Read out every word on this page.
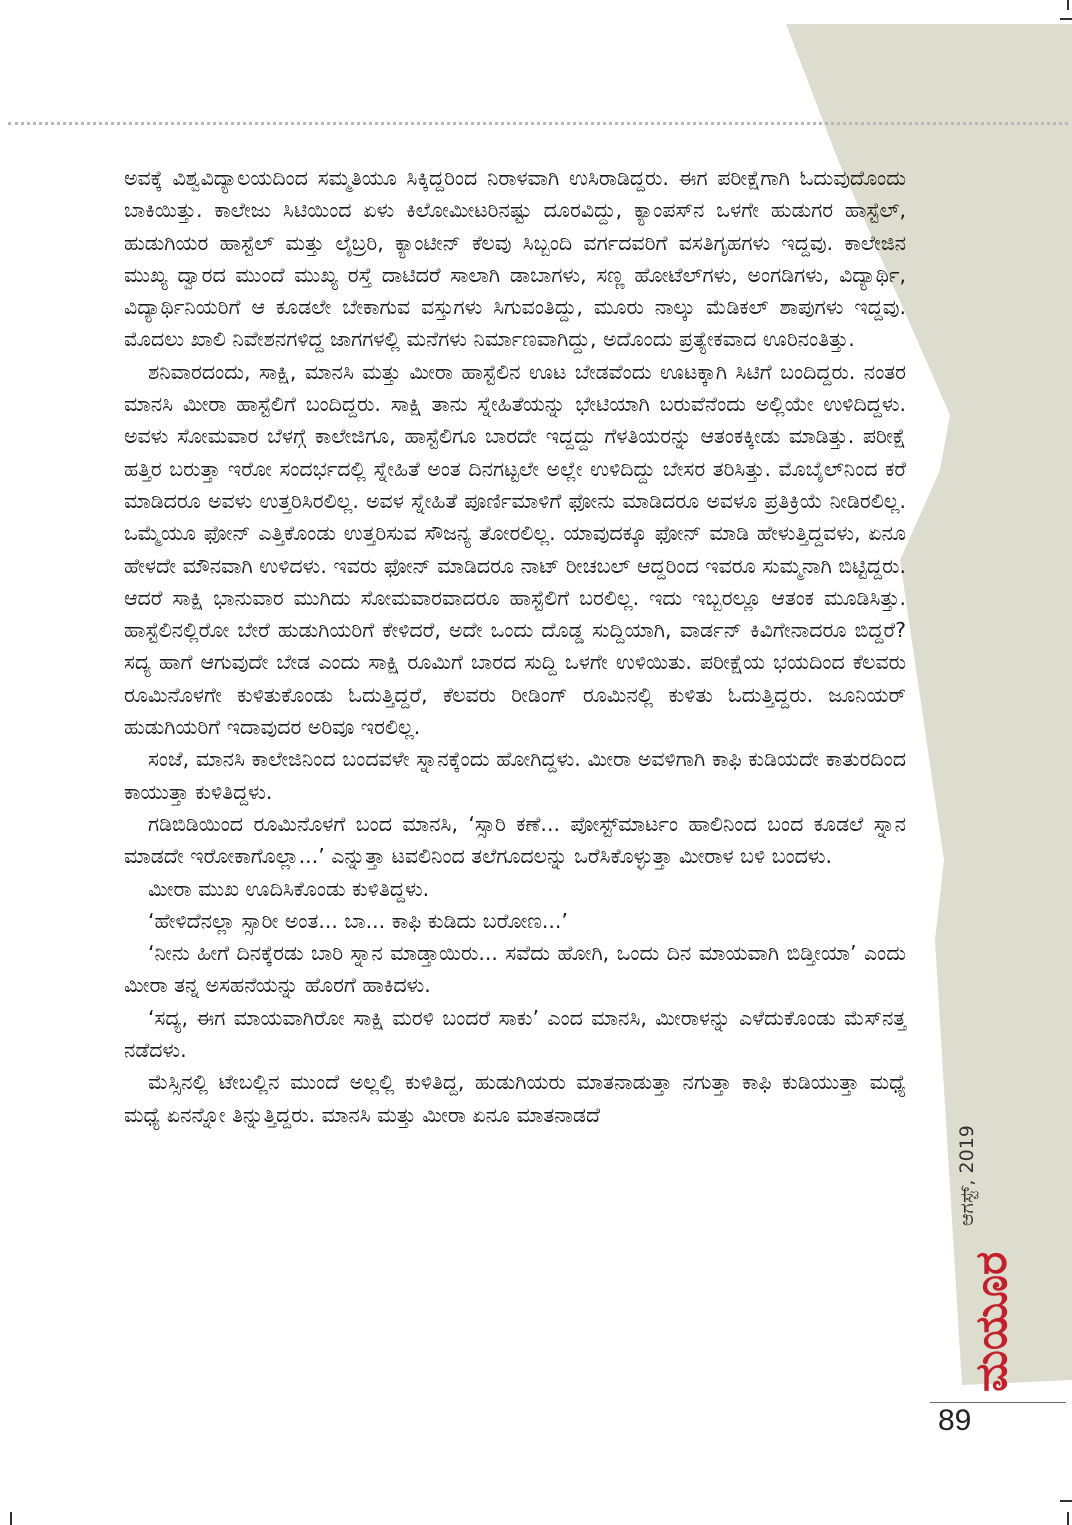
ಅವಕ್ಕೆ ವಿಶ್ವವಿದ್ಯಾಲಯದಿಂದ ಸಮ್ಮತಿಯೂ ಸಿಕ್ಕಿದ್ದರಿಂದ ನಿರಾಳವಾಗಿ ಉಸಿರಾಡಿದ್ದರು. ಈಗ ಪರೀಕ್ಷೆಗಾಗಿ ಓದುವುದೊಂದು ಬಾಕಿಯಿತ್ತು. ಕಾಲೇಜು ಸಿಟಿಯಿಂದ ಏಳು ಕಿಲೋಮೀಟರಿನಷ್ಟು ದೂರವಿದ್ದು, ಕ್ಯಾಂಪಸ್‌ನ ಒಳಗೇ ಹುಡುಗರ ಹಾಸ್ಟೆಲ್, ಹುಡುಗಿಯರ ಹಾಸ್ಟೆಲ್ ಮತ್ತು ಲೈಬ್ರರಿ, ಕ್ಯಾಂಟೀನ್ ಕೆಲವು ಸಿಬ್ಬಂದಿ ವರ್ಗದವರಿಗೆ ವಸತಿಗೃಹಗಳು ಇದ್ದವು. ಕಾಲೇಜಿನ ಮುಖ್ಯ ದ್ವಾರದ ಮುಂದೆ ಮುಖ್ಯ ರಸ್ತೆ ದಾಟಿದರೆ ಸಾಲಾಗಿ ಡಾಬಾಗಳು, ಸಣ್ಣ ಹೋಟೆಲ್‌ಗಳು, ಅಂಗಡಿಗಳು, ವಿದ್ಯಾರ್ಥಿ, ವಿದ್ಯಾರ್ಥಿನಿಯರಿಗೆ ಆ ಕೂಡಲೇ ಬೇಕಾಗುವ ವಸ್ತುಗಳು ಸಿಗುವಂತಿದ್ದು, ಮೂರು ನಾಲ್ಕು ಮೆಡಿಕಲ್ ಶಾಪುಗಳು ಇದ್ದವು. ಮೊದಲು ಖಾಲಿ ನಿವೇಶನಗಳಿದ್ದ ಜಾಗಗಳಲ್ಲಿ ಮನೆಗಳು ನಿರ್ಮಾಣವಾಗಿದ್ದು, ಅದೊಂದು ಪ್ರತ್ಯೇಕವಾದ ಊರಿನಂತಿತ್ತು.

ಶನಿವಾರದಂದು, ಸಾಕ್ಷಿ, ಮಾನಸಿ ಮತ್ತು ಮೀರಾ ಹಾಸ್ಟೆಲಿನ ಊಟ ಬೇಡವೆಂದು ಊಟಕ್ಕಾಗಿ ಸಿಟಿಗೆ ಬಂದಿದ್ದರು. ನಂತರ ಮಾನಸಿ ಮೀರಾ ಹಾಸ್ಟೆಲಿಗೆ ಬಂದಿದ್ದರು. ಸಾಕ್ಷಿ ತಾನು ಸ್ನೇಹಿತೆಯನ್ನು ಭೇಟಿಯಾಗಿ ಬರುವೆನೆಂದು ಅಲ್ಲಿಯೇ ಉಳಿದಿದ್ದಳು. ಅವಳು ಸೋಮವಾರ ಬೆಳಗ್ಗೆ ಕಾಲೇಜಿಗೂ, ಹಾಸ್ಟೆಲಿಗೂ ಬಾರದೇ ಇದ್ದದ್ದು ಗೆಳತಿಯರನ್ನು ಆತಂಕಕ್ಕೀಡು ಮಾಡಿತ್ತು. ಪರೀಕ್ಷೆ ಹತ್ತಿರ ಬರುತ್ತಾ ಇರೋ ಸಂದರ್ಭದಲ್ಲಿ ಸ್ನೇಹಿತೆ ಅಂತ ದಿನಗಟ್ಟಲೇ ಅಲ್ಲೇ ಉಳಿದಿದ್ದು ಬೇಸರ ತರಿಸಿತ್ತು. ಮೊಬೈಲ್‌ನಿಂದ ಕರೆ ಮಾಡಿದರೂ ಅವಳು ಉತ್ತರಿಸಿರಲಿಲ್ಲ. ಅವಳ ಸ್ನೇಹಿತೆ ಪೂರ್ಣಿಮಾಳಿಗೆ ಫೋನು ಮಾಡಿದರೂ ಅವಳೂ ಪ್ರತಿಕ್ರಿಯೆ ನೀಡಿರಲಿಲ್ಲ. ಒಮ್ಮೆಯೂ ಫೋನ್ ಎತ್ತಿಕೊಂಡು ಉತ್ತರಿಸುವ ಸೌಜನ್ಯ ತೋರಲಿಲ್ಲ. ಯಾವುದಕ್ಕೂ ಫೋನ್ ಮಾಡಿ ಹೇಳುತ್ತಿದ್ದವಳು, ಏನೂ ಹೇಳದೇ ಮೌನವಾಗಿ ಉಳಿದಳು. ಇವರು ಫೋನ್ ಮಾಡಿದರೂ ನಾಟ್ ರೀಚಬಲ್ ಆದ್ದರಿಂದ ಇವರೂ ಸುಮ್ಮನಾಗಿ ಬಿಟ್ಟಿದ್ದರು. ಆದರೆ ಸಾಕ್ಷಿ ಭಾನುವಾರ ಮುಗಿದು ಸೋಮವಾರವಾದರೂ ಹಾಸ್ಟೆಲಿಗೆ ಬರಲಿಲ್ಲ. ಇದು ಇಬ್ಬರಲ್ಲೂ ಆತಂಕ ಮೂಡಿಸಿತ್ತು. ಹಾಸ್ಟೆಲಿನಲ್ಲಿರೋ ಬೇರೆ ಹುಡುಗಿಯರಿಗೆ ಕೇಳಿದರೆ, ಅದೇ ಒಂದು ದೊಡ್ಡ ಸುದ್ದಿಯಾಗಿ, ವಾರ್ಡನ್ ಕಿವಿಗೇನಾದರೂ ಬಿದ್ದರೆ? ಸದ್ಯ ಹಾಗೆ ಆಗುವುದೇ ಬೇಡ ಎಂದು ಸಾಕ್ಷಿ ರೂಮಿಗೆ ಬಾರದ ಸುದ್ದಿ ಒಳಗೇ ಉಳಿಯಿತು. ಪರೀಕ್ಷೆಯ ಭಯದಿಂದ ಕೆಲವರು ರೂಮಿನೊಳಗೇ ಕುಳಿತುಕೊಂಡು ಓದುತ್ತಿದ್ದರೆ, ಕೆಲವರು ರೀಡಿಂಗ್ ರೂಮಿನಲ್ಲಿ ಕುಳಿತು ಓದುತ್ತಿದ್ದರು. ಜೂನಿಯರ್ ಹುಡುಗಿಯರಿಗೆ ಇದಾವುದರ ಅರಿವೂ ಇರಲಿಲ್ಲ.

ಸಂಜೆ, ಮಾನಸಿ ಕಾಲೇಜಿನಿಂದ ಬಂದವಳೇ ಸ್ನಾನಕ್ಕೆಂದು ಹೋಗಿದ್ದಳು. ಮೀರಾ ಅವಳಿಗಾಗಿ ಕಾಫಿ ಕುಡಿಯದೇ ಕಾತುರದಿಂದ ಕಾಯುತ್ತಾ ಕುಳಿತಿದ್ದಳು.

ಗಡಿಬಿಡಿಯಿಂದ ರೂಮಿನೊಳಗೆ ಬಂದ ಮಾನಸಿ, ‘ಸ್ಸಾರಿ ಕಣೆ... ಪೋಸ್ಟ್‌ಮಾರ್ಟಂ ಹಾಲಿನಿಂದ ಬಂದ ಕೂಡಲೆ ಸ್ನಾನ ಮಾಡದೇ ಇರೋಕಾಗೊಲ್ಲಾ...’ ಎನ್ನುತ್ತಾ ಟವಲಿನಿಂದ ತಲೆಗೂದಲನ್ನು ಒರೆಸಿಕೊಳ್ಳುತ್ತಾ ಮೀರಾಳ ಬಳಿ ಬಂದಳು.

ಮೀರಾ ಮುಖ ಊದಿಸಿಕೊಂಡು ಕುಳಿತಿದ್ದಳು.

‘ಹೇಳಿದೆನಲ್ಲಾ ಸ್ಸಾರೀ ಅಂತ... ಬಾ... ಕಾಫಿ ಕುಡಿದು ಬರೋಣ...’

‘ನೀನು ಹೀಗೆ ದಿನಕ್ಕೆರಡು ಬಾರಿ ಸ್ನಾನ ಮಾಡ್ತಾಯಿರು... ಸವೆದು ಹೋಗಿ, ಒಂದು ದಿನ ಮಾಯವಾಗಿ ಬಿಡ್ತೀಯಾ’ ಎಂದು ಮೀರಾ ತನ್ನ ಅಸಹನೆಯನ್ನು ಹೊರಗೆ ಹಾಕಿದಳು.

‘ಸದ್ಯ, ಈಗ ಮಾಯವಾಗಿರೋ ಸಾಕ್ಷಿ ಮರಳಿ ಬಂದರೆ ಸಾಕು’ ಎಂದ ಮಾನಸಿ, ಮೀರಾಳನ್ನು ಎಳೆದುಕೊಂಡು ಮೆಸ್‌ನತ್ತ ನಡೆದಳು.

ಮೆಸ್ಸಿನಲ್ಲಿ ಟೇಬಲ್ಲಿನ ಮುಂದೆ ಅಲ್ಲಲ್ಲಿ ಕುಳಿತಿದ್ದ, ಹುಡುಗಿಯರು ಮಾತನಾಡುತ್ತಾ ನಗುತ್ತಾ ಕಾಫಿ ಕುಡಿಯುತ್ತಾ ಮಧ್ಯೆ ಮಧ್ಯೆ ಏನನ್ನೋ ತಿನ್ನುತ್ತಿದ್ದರು. ಮಾನಸಿ ಮತ್ತು ಮೀರಾ ಏನೂ ಮಾತನಾಡದೆ

ಆಗಸ್ಟ್, 2019
ಮಯೂರ
89
